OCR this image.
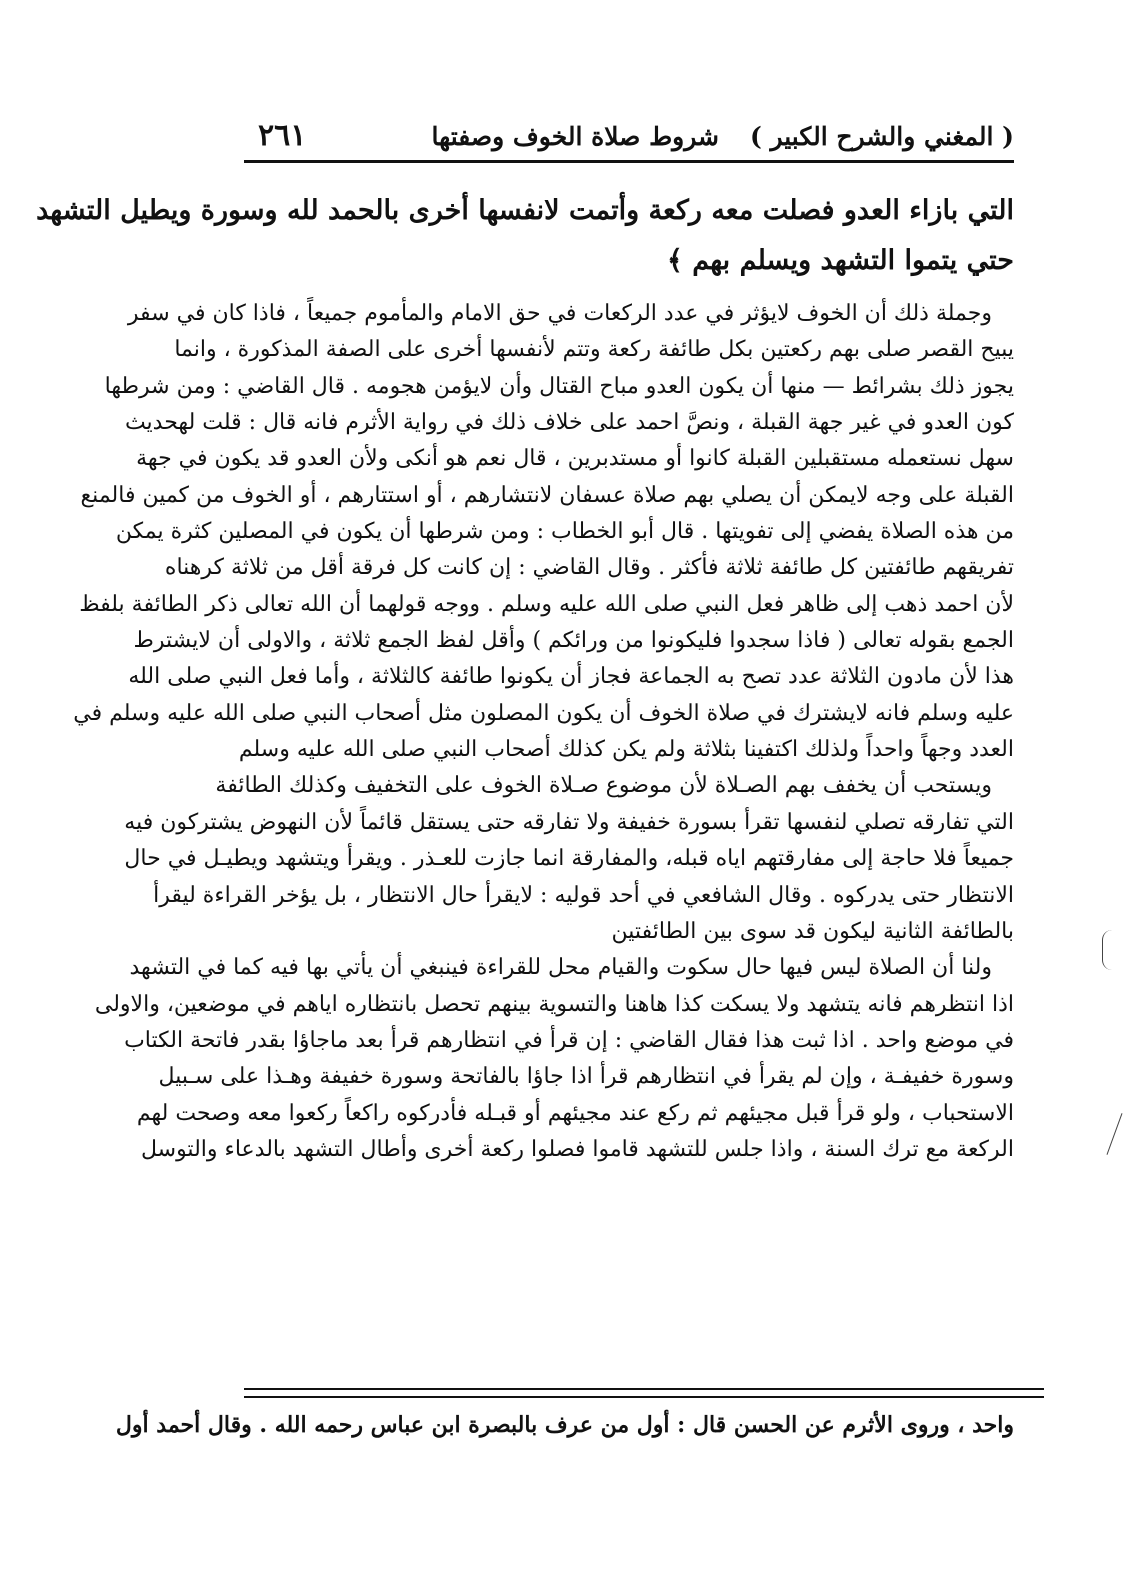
( المغني والشرح الكبير )
شروط صلاة الخوف وصفتها
٢٦١

التي بازاء العدو فصلت معه ركعة وأتمت لانفسها أخرى بالحمد لله وسورة ويطيل التشهد

حتي يتموا التشهد ويسلم بهم ﴾

وجملة ذلك أن الخوف لايؤثر في عدد الركعات في حق الامام والمأموم جميعاً ، فاذا كان في سفر
يبيح القصر صلى بهم ركعتين بكل طائفة ركعة وتتم لأنفسها أخرى على الصفة المذكورة ، وانما
يجوز ذلك بشرائط — منها أن يكون العدو مباح القتال وأن لايؤمن هجومه . قال القاضي : ومن شرطها
كون العدو في غير جهة القبلة ، ونصَّ احمد على خلاف ذلك في رواية الأثرم فانه قال : قلت لهحديث
سهل نستعمله مستقبلين القبلة كانوا أو مستدبرين ، قال نعم هو أنكى ولأن العدو قد يكون في جهة
القبلة على وجه لايمكن أن يصلي بهم صلاة عسفان لانتشارهم ، أو استتارهم ، أو الخوف من كمين فالمنع
من هذه الصلاة يفضي إلى تفويتها . قال أبو الخطاب : ومن شرطها أن يكون في المصلين كثرة يمكن
تفريقهم طائفتين كل طائفة ثلاثة فأكثر . وقال القاضي : إن كانت كل فرقة أقل من ثلاثة كرهناه
لأن احمد ذهب إلى ظاهر فعل النبي صلى الله عليه وسلم . ووجه قولهما أن الله تعالى ذكر الطائفة بلفظ
الجمع بقوله تعالى ( فاذا سجدوا فليكونوا من ورائكم ) وأقل لفظ الجمع ثلاثة ، والاولى أن لايشترط
هذا لأن مادون الثلاثة عدد تصح به الجماعة فجاز أن يكونوا طائفة كالثلاثة ، وأما فعل النبي صلى الله
عليه وسلم فانه لايشترك في صلاة الخوف أن يكون المصلون مثل أصحاب النبي صلى الله عليه وسلم في
العدد وجهاً واحداً ولذلك اكتفينا بثلاثة ولم يكن كذلك أصحاب النبي صلى الله عليه وسلم
ويستحب أن يخفف بهم الصـلاة لأن موضوع صـلاة الخوف على التخفيف وكذلك الطائفة
التي تفارقه تصلي لنفسها تقرأ بسورة خفيفة ولا تفارقه حتى يستقل قائماً لأن النهوض يشتركون فيه
جميعاً فلا حاجة إلى مفارقتهم اياه قبله، والمفارقة انما جازت للعـذر . ويقرأ ويتشهد ويطيـل في حال
الانتظار حتى يدركوه . وقال الشافعي في أحد قوليه : لايقرأ حال الانتظار ، بل يؤخر القراءة ليقرأ
بالطائفة الثانية ليكون قد سوى بين الطائفتين
ولنا أن الصلاة ليس فيها حال سكوت والقيام محل للقراءة فينبغي أن يأتي بها فيه كما في التشهد
اذا انتظرهم فانه يتشهد ولا يسكت كذا هاهنا والتسوية بينهم تحصل بانتظاره اياهم في موضعين، والاولى
في موضع واحد . اذا ثبت هذا فقال القاضي : إن قرأ في انتظارهم قرأ بعد ماجاؤا بقدر فاتحة الكتاب
وسورة خفيفـة ، وإن لم يقرأ في انتظارهم قرأ اذا جاؤا بالفاتحة وسورة خفيفة وهـذا على سـبيل
الاستحباب ، ولو قرأ قبل مجيئهم ثم ركع عند مجيئهم أو قبـله فأدركوه راكعاً ركعوا معه وصحت لهم
الركعة مع ترك السنة ، واذا جلس للتشهد قاموا فصلوا ركعة أخرى وأطال التشهد بالدعاء والتوسل
واحد ، وروى الأثرم عن الحسن قال : أول من عرف بالبصرة ابن عباس رحمه الله . وقال أحمد أول
